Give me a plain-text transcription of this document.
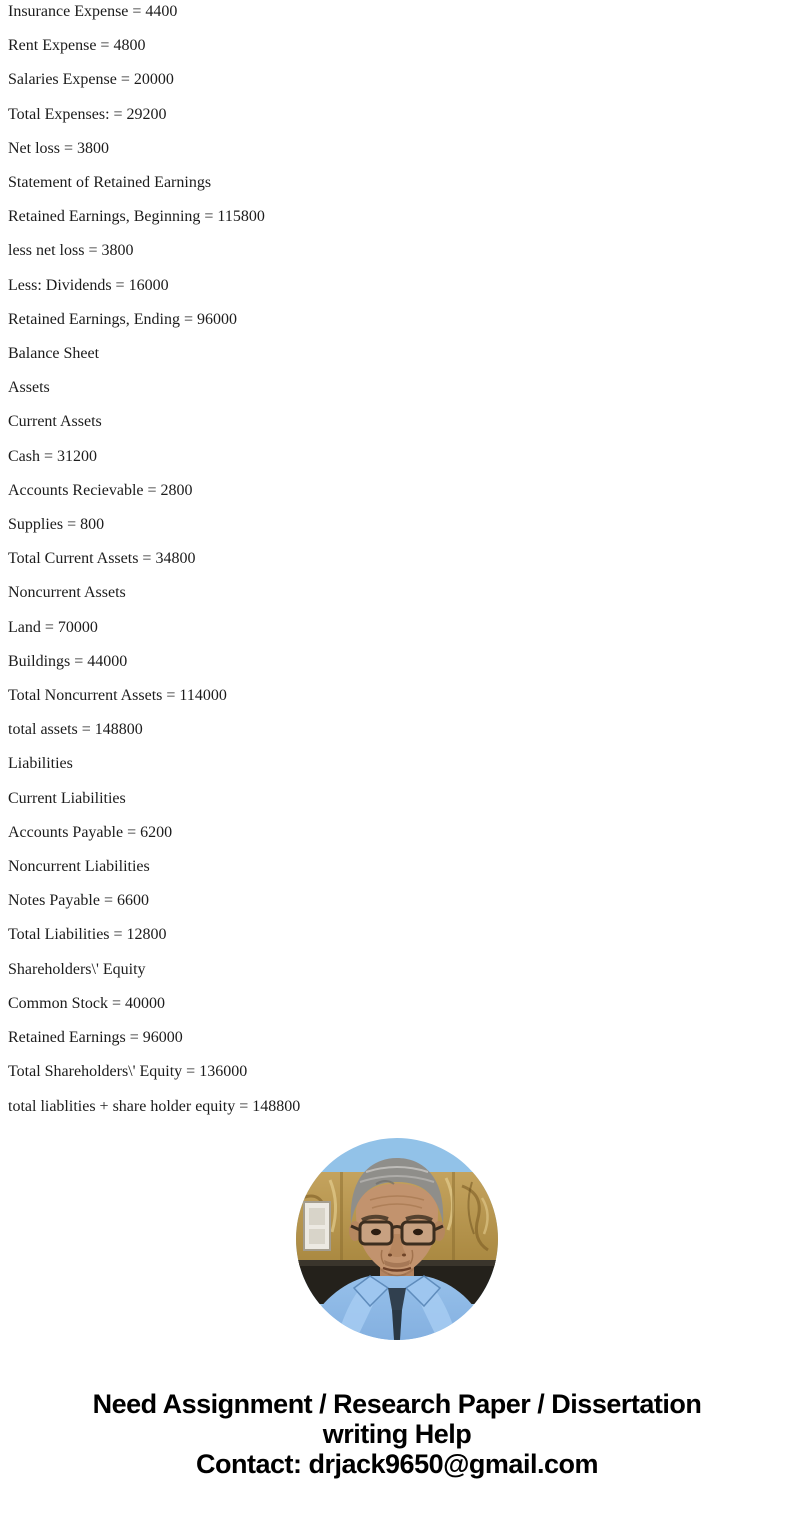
Insurance Expense = 4400

Rent Expense = 4800

Salaries Expense = 20000

Total Expenses: = 29200

Net loss = 3800

Statement of Retained Earnings

Retained Earnings, Beginning = 115800

less net loss = 3800

Less: Dividends = 16000

Retained Earnings, Ending = 96000

Balance Sheet

Assets

Current Assets

Cash = 31200

Accounts Recievable = 2800

Supplies = 800

Total Current Assets = 34800

Noncurrent Assets

Land = 70000

Buildings = 44000

Total Noncurrent Assets = 114000

total assets = 148800

Liabilities

Current Liabilities

Accounts Payable = 6200

Noncurrent Liabilities

Notes Payable = 6600

Total Liabilities = 12800

Shareholders\' Equity

Common Stock = 40000

Retained Earnings = 96000

Total Shareholders\' Equity = 136000

total liablities + share holder equity = 148800

Need Assignment / Research Paper / Dissertation
writing Help
Contact: drjack9650@gmail.com
